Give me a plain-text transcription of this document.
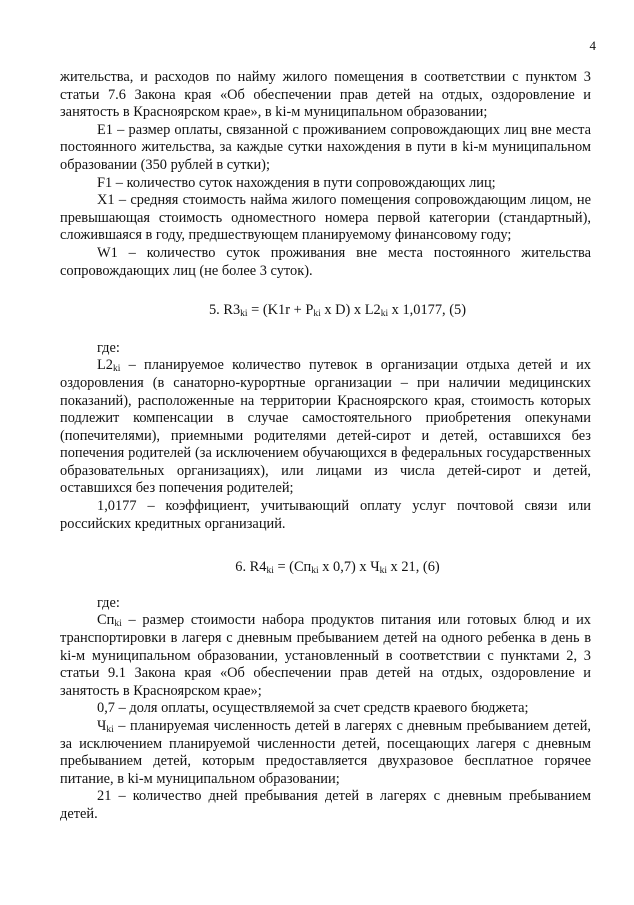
4

жительства, и расходов по найму жилого помещения в соответствии с пунктом 3 статьи 7.6 Закона края «Об обеспечении прав детей на отдых, оздоровление и занятость в Красноярском крае», в ki-м муниципальном образовании;

E1 – размер оплаты, связанной с проживанием сопровождающих лиц вне места постоянного жительства, за каждые сутки нахождения в пути в ki-м муниципальном образовании (350 рублей в сутки);

F1 – количество суток нахождения в пути сопровождающих лиц;

X1 – средняя стоимость найма жилого помещения сопровождающим лицом, не превышающая стоимость одноместного номера первой категории (стандартный), сложившаяся в году, предшествующем планируемому финансовому году;

W1 – количество суток проживания вне места постоянного жительства сопровождающих лиц (не более 3 суток).

5. $R3_{ki} = (K1r + P_{ki}$ x D) x $L2_{ki}$ x 1,0177, (5)

где:

$L2_{ki}$ – планируемое количество путевок в организации отдыха детей и их оздоровления (в санаторно-курортные организации – при наличии медицинских показаний), расположенные на территории Красноярского края, стоимость которых подлежит компенсации в случае самостоятельного приобретения опекунами (попечителями), приемными родителями детей-сирот и детей, оставшихся без попечения родителей (за исключением обучающихся в федеральных государственных образовательных организациях), или лицами из числа детей-сирот и детей, оставшихся без попечения родителей;

1,0177 – коэффициент, учитывающий оплату услуг почтовой связи или российских кредитных организаций.

6. $R4_{ki} = (Сп_{ki}$ x 0,7) x $Ч_{ki}$ x 21, (6)

где:

$Сп_{ki}$ – размер стоимости набора продуктов питания или готовых блюд и их транспортировки в лагеря с дневным пребыванием детей на одного ребенка в день в ki-м муниципальном образовании, установленный в соответствии с пунктами 2, 3 статьи 9.1 Закона края «Об обеспечении прав детей на отдых, оздоровление и занятость в Красноярском крае»;

0,7 – доля оплаты, осуществляемой за счет средств краевого бюджета;

$Ч_{ki}$ – планируемая численность детей в лагерях с дневным пребыванием детей, за исключением планируемой численности детей, посещающих лагеря с дневным пребыванием детей, которым предоставляется двухразовое бесплатное горячее питание, в ki-м муниципальном образовании;

21 – количество дней пребывания детей в лагерях с дневным пребыванием детей.
